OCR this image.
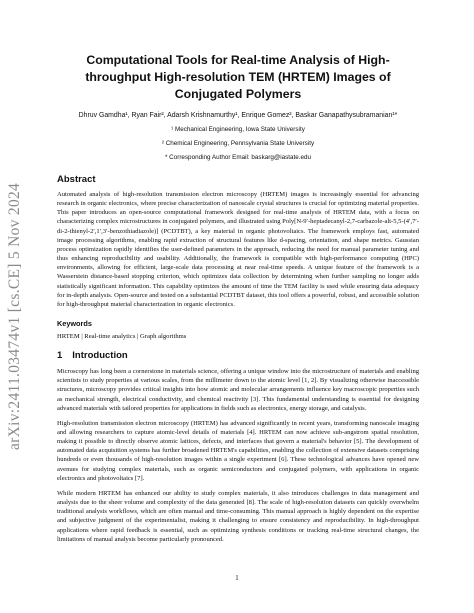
arXiv:2411.03474v1 [cs.CE] 5 Nov 2024
Computational Tools for Real-time Analysis of High-throughput High-resolution TEM (HRTEM) Images of Conjugated Polymers
Dhruv Gamdha¹, Ryan Fair², Adarsh Krishnamurthy¹, Enrique Gomez², Baskar Ganapathysubramanian¹*
¹ Mechanical Engineering, Iowa State University
² Chemical Engineering, Pennsylvania State University
* Corresponding Author Email: baskarg@iastate.edu
Abstract

Automated analysis of high-resolution transmission electron microscopy (HRTEM) images is increasingly essential for advancing research in organic electronics, where precise characterization of nanoscale crystal structures is crucial for optimizing material properties. This paper introduces an open-source computational framework designed for real-time analysis of HRTEM data, with a focus on characterizing complex microstructures in conjugated polymers, and illustrated using Poly[N-9′-heptadecanyl-2,7-carbazole-alt-5,5-(4′,7′-di-2-thienyl-2′,1′,3′-benzothiadiazole)] (PCDTBT), a key material in organic photovoltaics. The framework employs fast, automated image processing algorithms, enabling rapid extraction of structural features like d-spacing, orientation, and shape metrics. Gaussian process optimization rapidly identifies the user-defined parameters in the approach, reducing the need for manual parameter tuning and thus enhancing reproducibility and usability. Additionally, the framework is compatible with high-performance computing (HPC) environments, allowing for efficient, large-scale data processing at near real-time speeds. A unique feature of the framework is a Wasserstein distance-based stopping criterion, which optimizes data collection by determining when further sampling no longer adds statistically significant information. This capability optimizes the amount of time the TEM facility is used while ensuring data adequacy for in-depth analysis. Open-source and tested on a substantial PCDTBT dataset, this tool offers a powerful, robust, and accessible solution for high-throughput material characterization in organic electronics.

Keywords
HRTEM | Real-time analytics | Graph algorithms
1 Introduction

Microscopy has long been a cornerstone in materials science, offering a unique window into the microstructure of materials and enabling scientists to study properties at various scales, from the millimeter down to the atomic level [1, 2]. By visualizing otherwise inaccessible structures, microscopy provides critical insights into how atomic and molecular arrangements influence key macroscopic properties such as mechanical strength, electrical conductivity, and chemical reactivity [3]. This fundamental understanding is essential for designing advanced materials with tailored properties for applications in fields such as electronics, energy storage, and catalysis.

High-resolution transmission electron microscopy (HRTEM) has advanced significantly in recent years, transforming nanoscale imaging and allowing researchers to capture atomic-level details of materials [4]. HRTEM can now achieve sub-angstrom spatial resolution, making it possible to directly observe atomic lattices, defects, and interfaces that govern a material's behavior [5]. The development of automated data acquisition systems has further broadened HRTEM's capabilities, enabling the collection of extensive datasets comprising hundreds or even thousands of high-resolution images within a single experiment [6]. These technological advances have opened new avenues for studying complex materials, such as organic semiconductors and conjugated polymers, with applications in organic electronics and photovoltaics [7].

While modern HRTEM has enhanced our ability to study complex materials, it also introduces challenges in data management and analysis due to the sheer volume and complexity of the data generated [8]. The scale of high-resolution datasets can quickly overwhelm traditional analysis workflows, which are often manual and time-consuming. This manual approach is highly dependent on the expertise and subjective judgment of the experimentalist, making it challenging to ensure consistency and reproducibility. In high-throughput applications where rapid feedback is essential, such as optimizing synthesis conditions or tracking real-time structural changes, the limitations of manual analysis become particularly pronounced.

1
